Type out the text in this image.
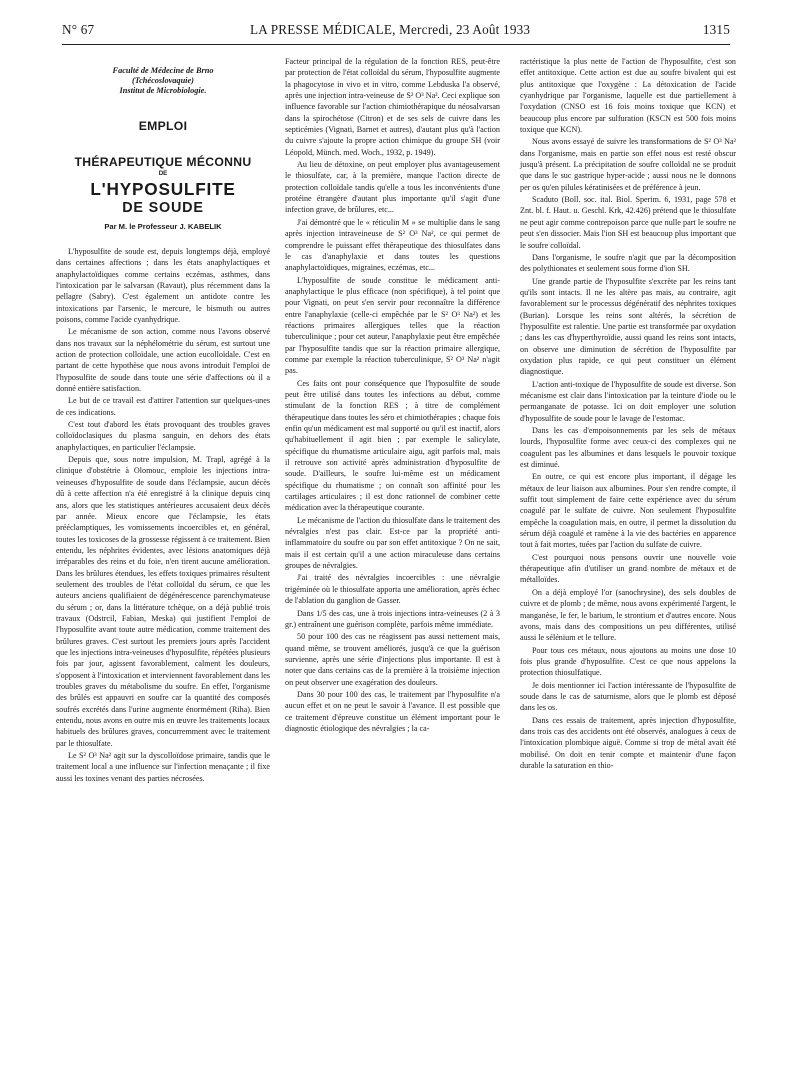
N° 67	LA PRESSE MÉDICALE, Mercredi, 23 Août 1933	1315
Faculté de Médecine de Brno
(Tchécoslovaquie)
Institut de Microbiologie.
EMPLOI
THÉRAPEUTIQUE MÉCONNU
DE
L'HYPOSULFITE
DE SOUDE
Par M. le Professeur J. KABELIK

L'hyposulfite de soude est, depuis longtemps déjà, employé dans certaines affections ; dans les états anaphylactiques et anaphylactoïdiques comme certains eczémas, asthmes, dans l'intoxication par le salvarsan (Ravaut), plus récemment dans la pellagre (Sabry). C'est également un antidote contre les intoxications par l'arsenic, le mercure, le bismuth ou autres poisons, comme l'acide cyanhydrique.

Le mécanisme de son action, comme nous l'avons observé dans nos travaux sur la néphélométrie du sérum, est surtout une action de protection colloïdale, une action eucolloïdale. C'est en partant de cette hypothèse que nous avons introduit l'emploi de l'hyposulfite de soude dans toute une série d'affections où il a donné entière satisfaction.

Le but de ce travail est d'attirer l'attention sur quelques-unes de ces indications.

C'est tout d'abord les états provoquant des troubles graves colloïdoclasiques du plasma sanguin, en dehors des états anaphylactiques, en particulier l'éclampsie.

Depuis que, sous notre impulsion, M. Trapl, agrégé à la clinique d'obstétrie à Olomouc, emploie les injections intra-veineuses d'hyposulfite de soude dans l'éclampsie, aucun décès dû à cette affection n'a été enregistré à la clinique depuis cinq ans, alors que les statistiques antérieures accusaient deux décès par année. Mieux encore que l'éclampsie, les états prééclamptiques, les vomissements incoercibles et, en général, toutes les toxicoses de la grossesse régissent à ce traitement. Bien entendu, les néphrites évidentes, avec lésions anatomiques déjà irréparables des reins et du foie, n'en tirent aucune amélioration. Dans les brûlures étendues, les effets toxiques primaires résultent seulement des troubles de l'état colloïdal du sérum, ce que les auteurs anciens qualifiaient de dégénérescence parenchymateuse du sérum ; or, dans la littérature tchèque, on a déjà publié trois travaux (Odstrcil, Fabian, Meska) qui justifient l'emploi de l'hyposulfite avant toute autre médication, comme traitement des brûlures graves. C'est surtout les premiers jours après l'accident que les injections intra-veineuses d'hyposulfite, répétées plusieurs fois par jour, agissent favorablement, calment les douleurs, s'opposent à l'intoxication et interviennent favorablement dans les troubles graves du métabolisme du soufre. En effet, l'organisme des brûlés est appauvri en soufre car la quantité des composés soufrés excrétés dans l'urine augmente énormément (Riha). Bien entendu, nous avons en outre mis en œuvre les traitements locaux habituels des brûlures graves, concurremment avec le traitement par le thiosulfate.

Le S² O³ Na² agit sur la dyscolloïdose primaire, tandis que le traitement local a une influence sur l'infection menaçante ; il fixe aussi les toxines venant des parties nécrosées.

Facteur principal de la régulation de la fonction RES, peut-être par protection de l'état colloïdal du sérum, l'hyposulfite augmente la phagocytose in vivo et in vitro, comme Lebduska l'a observé, après une injection intra-veineuse de S² O³ Na². Ceci explique son influence favorable sur l'action chimiothérapique du néosalvarsan dans la spirochétose (Citron) et de ses sels de cuivre dans les septicémies (Vignati, Barnet et autres), d'autant plus qu'à l'action du cuivre s'ajoute la propre action chimique du groupe SH (voir Léopold, Münch. med. Woch., 1932, p. 1949).

Au lieu de détoxine, on peut employer plus avantageusement le thiosulfate, car, à la première, manque l'action directe de protection colloïdale tandis qu'elle a tous les inconvénients d'une protéine étrangère d'autant plus importante qu'il s'agit d'une infection grave, de brûlures, etc...

J'ai démontré que le « réticulin M » se multiplie dans le sang après injection intraveineuse de S² O³ Na², ce qui permet de comprendre le puissant effet thérapeutique des thiosulfates dans le cas d'anaphylaxie et dans toutes les questions anaphylactoïdiques, migraines, eczémas, etc...

L'hyposulfite de soude constitue le médicament anti-anaphylactique le plus efficace (non spécifique), à tel point que pour Vignati, on peut s'en servir pour reconnaître la différence entre l'anaphylaxie (celle-ci empêchée par le S² O³ Na²) et les réactions primaires allergiques telles que la réaction tuberculinique ; pour cet auteur, l'anaphylaxie peut être empêchée par l'hyposulfite tandis que sur la réaction primaire allergique, comme par exemple la réaction tuberculinique, S² O³ Na² n'agit pas.

Ces faits ont pour conséquence que l'hyposulfite de soude peut être utilisé dans toutes les infections au début, comme stimulant de la fonction RES ; à titre de complément thérapeutique dans toutes les séro et chimiothérapies ; chaque fois enfin qu'un médicament est mal supporté ou qu'il est inactif, alors qu'habituellement il agit bien ; par exemple le salicylate, spécifique du rhumatisme articulaire aigu, agit parfois mal, mais il retrouve son activité après administration d'hyposulfite de soude. D'ailleurs, le soufre lui-même est un médicament spécifique du rhumatisme ; on connaît son affinité pour les cartilages articulaires ; il est donc rationnel de combiner cette médication avec la thérapeutique courante.

Le mécanisme de l'action du thiosulfate dans le traitement des névralgies n'est pas clair. Est-ce par la propriété anti-inflammatoire du soufre ou par son effet antitoxique ? On ne sait, mais il est certain qu'il a une action miraculeuse dans certains groupes de névralgies.

J'ai traité des névralgies incoercibles : une névralgie trigéminée où le thiosulfate apporta une amélioration, après échec de l'ablation du ganglion de Gasser.

Dans 1/5 des cas, une à trois injections intra-veineuses (2 à 3 gr.) entraînent une guérison complète, parfois même immédiate.

50 pour 100 des cas ne réagissent pas aussi nettement mais, quand même, se trouvent améliorés, jusqu'à ce que la guérison survienne, après une série d'injections plus importante. Il est à noter que dans certains cas de la première à la troisième injection on peut observer une exagération des douleurs.

Dans 30 pour 100 des cas, le traitement par l'hyposulfite n'a aucun effet et on ne peut le savoir à l'avance. Il est possible que ce traitement d'épreuve constitue un élément important pour le diagnostic étiologique des névralgies ; la ca-

ractéristique la plus nette de l'action de l'hyposulfite, c'est son effet antitoxique. Cette action est due au soufre bivalent qui est plus antitoxique que l'oxygène : La détoxication de l'acide cyanhydrique par l'organisme, laquelle est due partiellement à l'oxydation (CNSO est 16 fois moins toxique que KCN) et beaucoup plus encore par sulfuration (KSCN est 500 fois moins toxique que KCN).

Nous avons essayé de suivre les transformations de S² O³ Na² dans l'organisme, mais en partie son effet nous est resté obscur jusqu'à présent. La précipitation de soufre colloïdal ne se produit que dans le suc gastrique hyper-acide ; aussi nous ne le donnons per os qu'en pilules kératinisées et de préférence à jeun.

Scaduto (Boll. soc. ital. Biol. Sperim. 6, 1931, page 578 et Znt. bl. f. Haut. u. Geschl. Krk, 42.426) prétend que le thiosulfate ne peut agir comme contrepoison parce que nulle part le soufre ne peut s'en dissocier. Mais l'ion SH est beaucoup plus important que le soufre colloïdal.

Dans l'organisme, le soufre n'agit que par la décomposition des polythionates et seulement sous forme d'ion SH.

Une grande partie de l'hyposulfite s'excrète par les reins tant qu'ils sont intacts. Il ne les altère pas mais, au contraire, agit favorablement sur le processus dégénératif des néphrites toxiques (Burian). Lorsque les reins sont altérés, la sécrétion de l'hyposulfite est ralentie. Une partie est transformée par oxydation ; dans les cas d'hyperthyroïdie, aussi quand les reins sont intacts, on observe une diminution de sécrétion de l'hyposulfite par oxydation plus rapide, ce qui peut constituer un élément diagnostique.

L'action anti-toxique de l'hyposulfite de soude est diverse. Son mécanisme est clair dans l'intoxication par la teinture d'iode ou le permanganate de potasse. Ici on doit employer une solution d'hyposulfite de soude pour le lavage de l'estomac.

Dans les cas d'empoisonnements par les sels de métaux lourds, l'hyposulfite forme avec ceux-ci des complexes qui ne coagulent pas les albumines et dans lesquels le pouvoir toxique est diminué.

En outre, ce qui est encore plus important, il dégage les métaux de leur liaison aux albumines. Pour s'en rendre compte, il suffit tout simplement de faire cette expérience avec du sérum coagulé par le sulfate de cuivre. Non seulement l'hyposulfite empêche la coagulation mais, en outre, il permet la dissolution du sérum déjà coagulé et ramène à la vie des bactéries en apparence tout à fait mortes, tuées par l'action du sulfate de cuivre.

C'est pourquoi nous pensons ouvrir une nouvelle voie thérapeutique afin d'utiliser un grand nombre de métaux et de métalloïdes.

On a déjà employé l'or (sanochrysine), des sels doubles de cuivre et de plomb ; de même, nous avons expérimenté l'argent, le manganèse, le fer, le barium, le strontium et d'autres encore. Nous avons, mais dans des compositions un peu différentes, utilisé aussi le sélénium et le tellure.

Pour tous ces métaux, nous ajoutons au moins une dose 10 fois plus grande d'hyposulfite. C'est ce que nous appelons la protection thiosulfatique.

Je dois mentionner ici l'action intéressante de l'hyposulfite de soude dans le cas de saturnisme, alors que le plomb est déposé dans les os.

Dans ces essais de traitement, après injection d'hyposulfite, dans trois cas des accidents ont été observés, analogues à ceux de l'intoxication plombique aiguë. Comme si trop de métal avait été mobilisé. On doit en tenir compte et maintenir d'une façon durable la saturation en thio-
